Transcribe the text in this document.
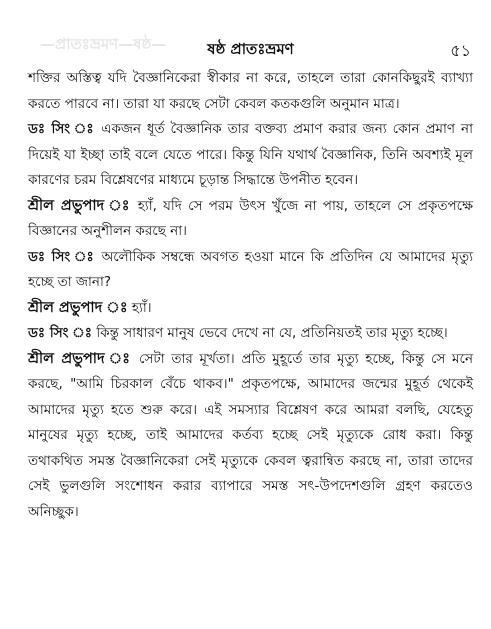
—প্রাতঃভ্রমণ—ষষ্ঠ—	ষষ্ঠ প্রাতঃভ্রমণ	৫১

শক্তির অস্তিত্ব যদি বৈজ্ঞানিকেরা স্বীকার না করে, তাহলে তারা কোনকিছুরই ব্যাখ্যা করতে পারবে না। তারা যা করছে সেটা কেবল কতকগুলি অনুমান মাত্র।

ডঃ সিং ঃ একজন ধূর্ত বৈজ্ঞানিক তার বক্তব্য প্রমাণ করার জন্য কোন প্রমাণ না দিয়েই যা ইচ্ছা তাই বলে যেতে পারে। কিন্তু যিনি যথার্থ বৈজ্ঞানিক, তিনি অবশ্যই মূল কারণের চরম বিশ্লেষণের মাধ্যমে চূড়ান্ত সিদ্ধান্তে উপনীত হবেন।

শ্রীল প্রভুপাদ ঃ হ্যাঁ, যদি সে পরম উৎস খুঁজে না পায়, তাহলে সে প্রকৃতপক্ষে বিজ্ঞানের অনুশীলন করছে না।

ডঃ সিং ঃ অলৌকিক সম্বন্ধে অবগত হওয়া মানে কি প্রতিদিন যে আমাদের মৃত্যু হচ্ছে তা জানা?

শ্রীল প্রভুপাদ ঃ হ্যাঁ।

ডঃ সিং ঃ কিন্তু সাধারণ মানুষ ভেবে দেখে না যে, প্রতিনিয়তই তার মৃত্যু হচ্ছে।

শ্রীল প্রভুপাদ ঃ সেটা তার মূর্খতা। প্রতি মুহূর্তে তার মৃত্যু হচ্ছে, কিন্তু সে মনে করছে, "আমি চিরকাল বেঁচে থাকব।" প্রকৃতপক্ষে, আমাদের জন্মের মুহূর্ত থেকেই আমাদের মৃত্যু হতে শুরু করে। এই সমস্যার বিশ্লেষণ করে আমরা বলছি, যেহেতু মানুষের মৃত্যু হচ্ছে, তাই আমাদের কর্তব্য হচ্ছে সেই মৃত্যুকে রোধ করা। কিন্তু তথাকথিত সমস্ত বৈজ্ঞানিকেরা সেই মৃত্যুকে কেবল ত্বরান্বিত করছে না, তারা তাদের সেই ভুলগুলি সংশোধন করার ব্যাপারে সমস্ত সৎ-উপদেশগুলি গ্রহণ করতেও অনিচ্ছুক।
